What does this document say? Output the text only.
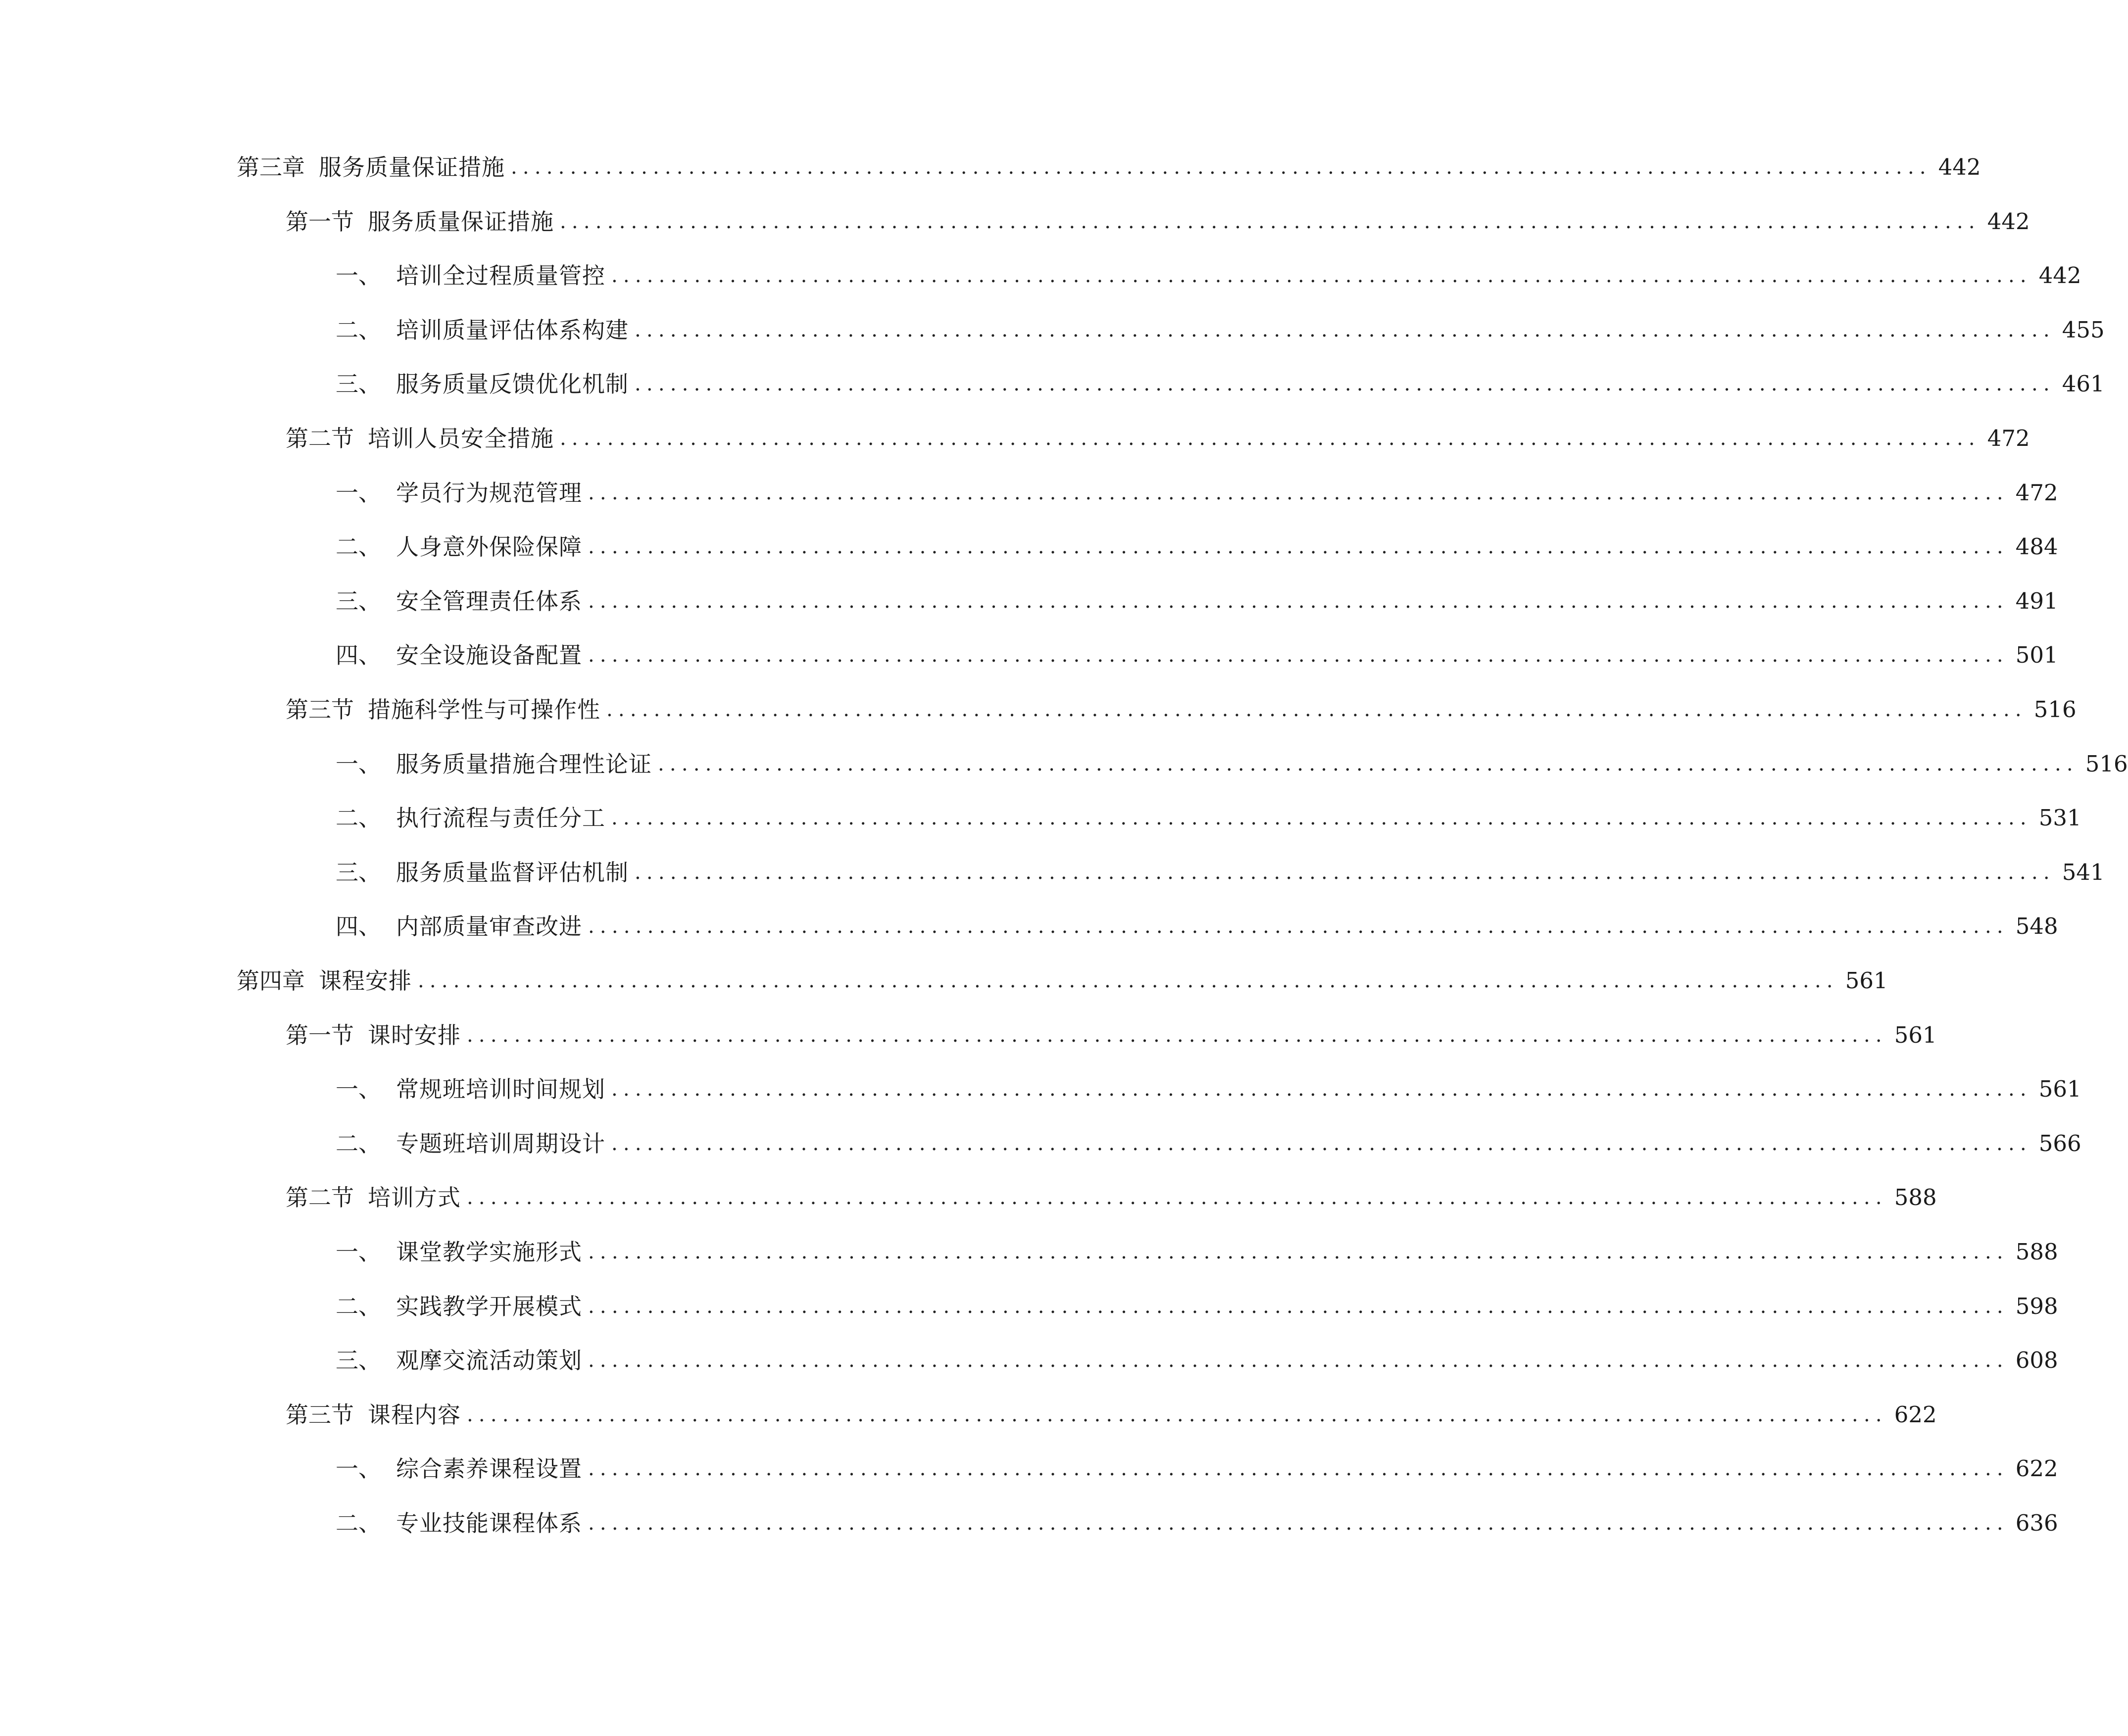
第三章 服务质量保证措施 ........................................................................................................................ 442
第一节 服务质量保证措施 ........................................................................................................................ 442
一、 培训全过程质量管控 ........................................................................................................................ 442
二、 培训质量评估体系构建 ........................................................................................................................ 455
三、 服务质量反馈优化机制 ........................................................................................................................ 461
第二节 培训人员安全措施 ........................................................................................................................ 472
一、 学员行为规范管理 ........................................................................................................................ 472
二、 人身意外保险保障 ........................................................................................................................ 484
三、 安全管理责任体系 ........................................................................................................................ 491
四、 安全设施设备配置 ........................................................................................................................ 501
第三节 措施科学性与可操作性 ........................................................................................................................ 516
一、 服务质量措施合理性论证 ........................................................................................................................ 516
二、 执行流程与责任分工 ........................................................................................................................ 531
三、 服务质量监督评估机制 ........................................................................................................................ 541
四、 内部质量审查改进 ........................................................................................................................ 548
第四章 课程安排 ........................................................................................................................ 561
第一节 课时安排 ........................................................................................................................ 561
一、 常规班培训时间规划 ........................................................................................................................ 561
二、 专题班培训周期设计 ........................................................................................................................ 566
第二节 培训方式 ........................................................................................................................ 588
一、 课堂教学实施形式 ........................................................................................................................ 588
二、 实践教学开展模式 ........................................................................................................................ 598
三、 观摩交流活动策划 ........................................................................................................................ 608
第三节 课程内容 ........................................................................................................................ 622
一、 综合素养课程设置 ........................................................................................................................ 622
二、 专业技能课程体系 ........................................................................................................................ 636
